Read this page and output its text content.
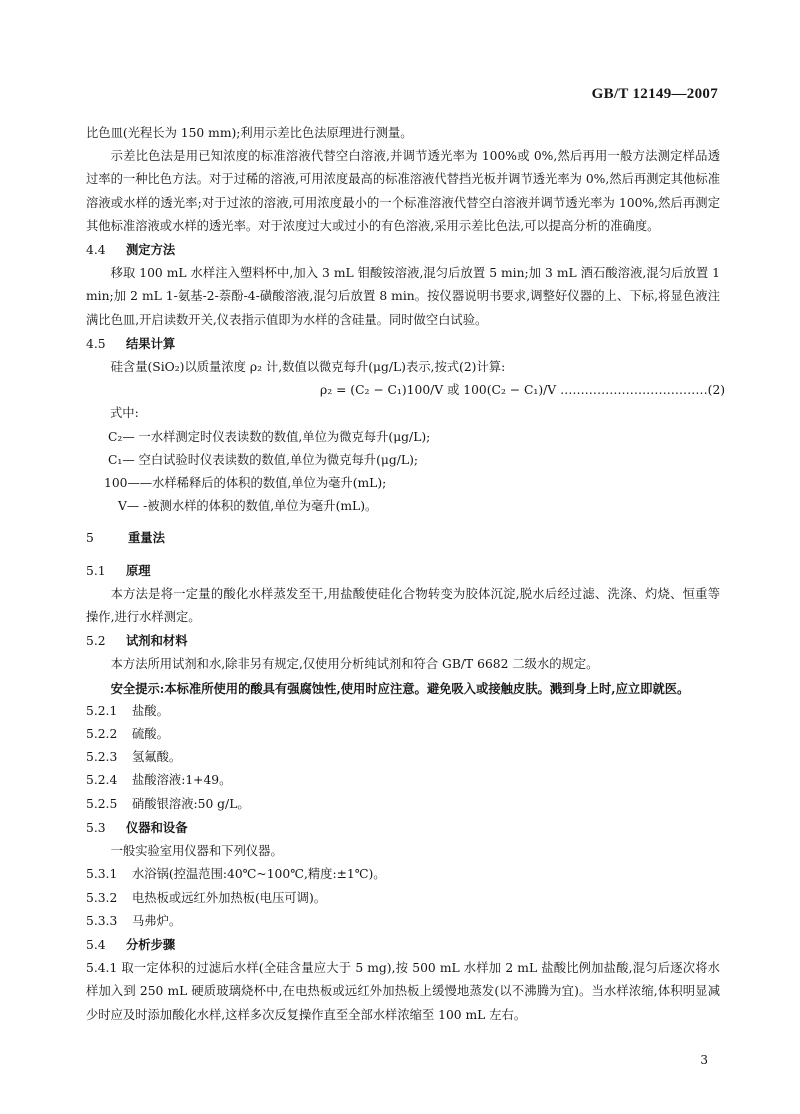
GB/T 12149—2007

比色皿(光程长为 150 mm);利用示差比色法原理进行测量。

示差比色法是用已知浓度的标准溶液代替空白溶液,并调节透光率为 100%或 0%,然后再用一般方法测定样品透过率的一种比色方法。对于过稀的溶液,可用浓度最高的标准溶液代替挡光板并调节透光率为 0%,然后再测定其他标准溶液或水样的透光率;对于过浓的溶液,可用浓度最小的一个标准溶液代替空白溶液并调节透光率为 100%,然后再测定其他标准溶液或水样的透光率。对于浓度过大或过小的有色溶液,采用示差比色法,可以提高分析的准确度。

4.4 测定方法

移取 100 mL 水样注入塑料杯中,加入 3 mL 钼酸铵溶液,混匀后放置 5 min;加 3 mL 酒石酸溶液,混匀后放置 1 min;加 2 mL 1-氨基-2-萘酚-4-磺酸溶液,混匀后放置 8 min。按仪器说明书要求,调整好仪器的上、下标,将显色液注满比色皿,开启读数开关,仪表指示值即为水样的含硅量。同时做空白试验。

4.5 结果计算

硅含量(SiO₂)以质量浓度 ρ₂ 计,数值以微克每升(μg/L)表示,按式(2)计算:

ρ₂ = (C₂ − C₁)100/V 或 100(C₂ − C₁)/V ………………………………(2)

式中:

C₂— 一水样测定时仪表读数的数值,单位为微克每升(μg/L);

C₁— 空白试验时仪表读数的数值,单位为微克每升(μg/L);

100——水样稀释后的体积的数值,单位为毫升(mL);

V— -被测水样的体积的数值,单位为毫升(mL)。

5	重量法

5.1 原理

本方法是将一定量的酸化水样蒸发至干,用盐酸使硅化合物转变为胶体沉淀,脱水后经过滤、洗涤、灼烧、恒重等操作,进行水样测定。

5.2 试剂和材料

本方法所用试剂和水,除非另有规定,仅使用分析纯试剂和符合 GB/T 6682 二级水的规定。

安全提示:本标准所使用的酸具有强腐蚀性,使用时应注意。避免吸入或接触皮肤。溅到身上时,应立即就医。

5.2.1 盐酸。

5.2.2 硫酸。

5.2.3 氢氟酸。

5.2.4 盐酸溶液:1+49。

5.2.5 硝酸银溶液:50 g/L。

5.3 仪器和设备

一般实验室用仪器和下列仪器。

5.3.1 水浴锅(控温范围:40℃~100℃,精度:±1℃)。

5.3.2 电热板或远红外加热板(电压可调)。

5.3.3 马弗炉。

5.4 分析步骤

5.4.1 取一定体积的过滤后水样(全硅含量应大于 5 mg),按 500 mL 水样加 2 mL 盐酸比例加盐酸,混匀后逐次将水样加入到 250 mL 硬质玻璃烧杯中,在电热板或远红外加热板上缓慢地蒸发(以不沸腾为宜)。当水样浓缩,体积明显减少时应及时添加酸化水样,这样多次反复操作直至全部水样浓缩至 100 mL 左右。

3
